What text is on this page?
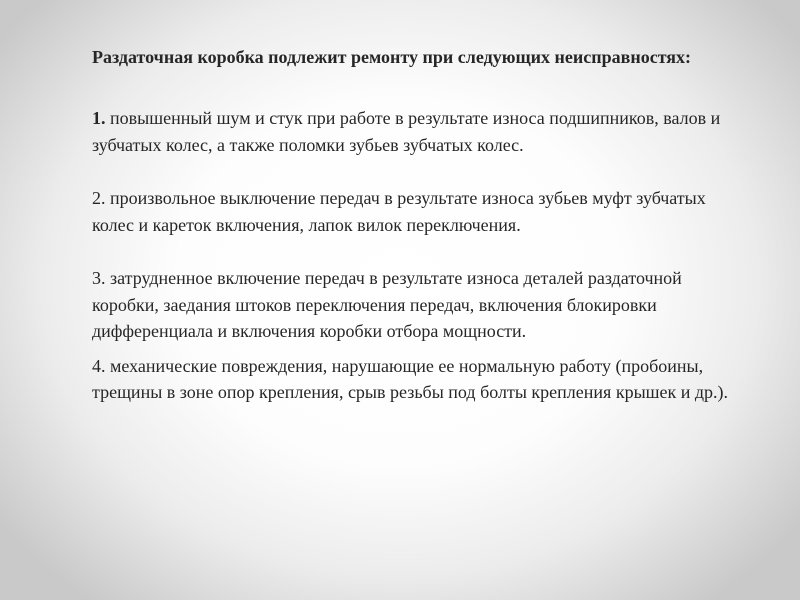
Раздаточная коробка подлежит ремонту при следующих неисправностях:
1. повышенный шум и стук при работе в результате износа подшипников, валов и зубчатых колес, а также поломки зубьев зубчатых колес.
2. произвольное выключение передач в результате износа зубьев муфт зубчатых колес и кареток включения, лапок вилок переключения.
3. затрудненное включение передач в результате износа деталей раздаточной коробки, заедания штоков переключения передач, включения блокировки дифференциала и включения коробки отбора мощности.
4. механические повреждения, нарушающие ее нормальную работу (пробоины, трещины в зоне опор крепления, срыв резьбы под болты крепления крышек и др.).
